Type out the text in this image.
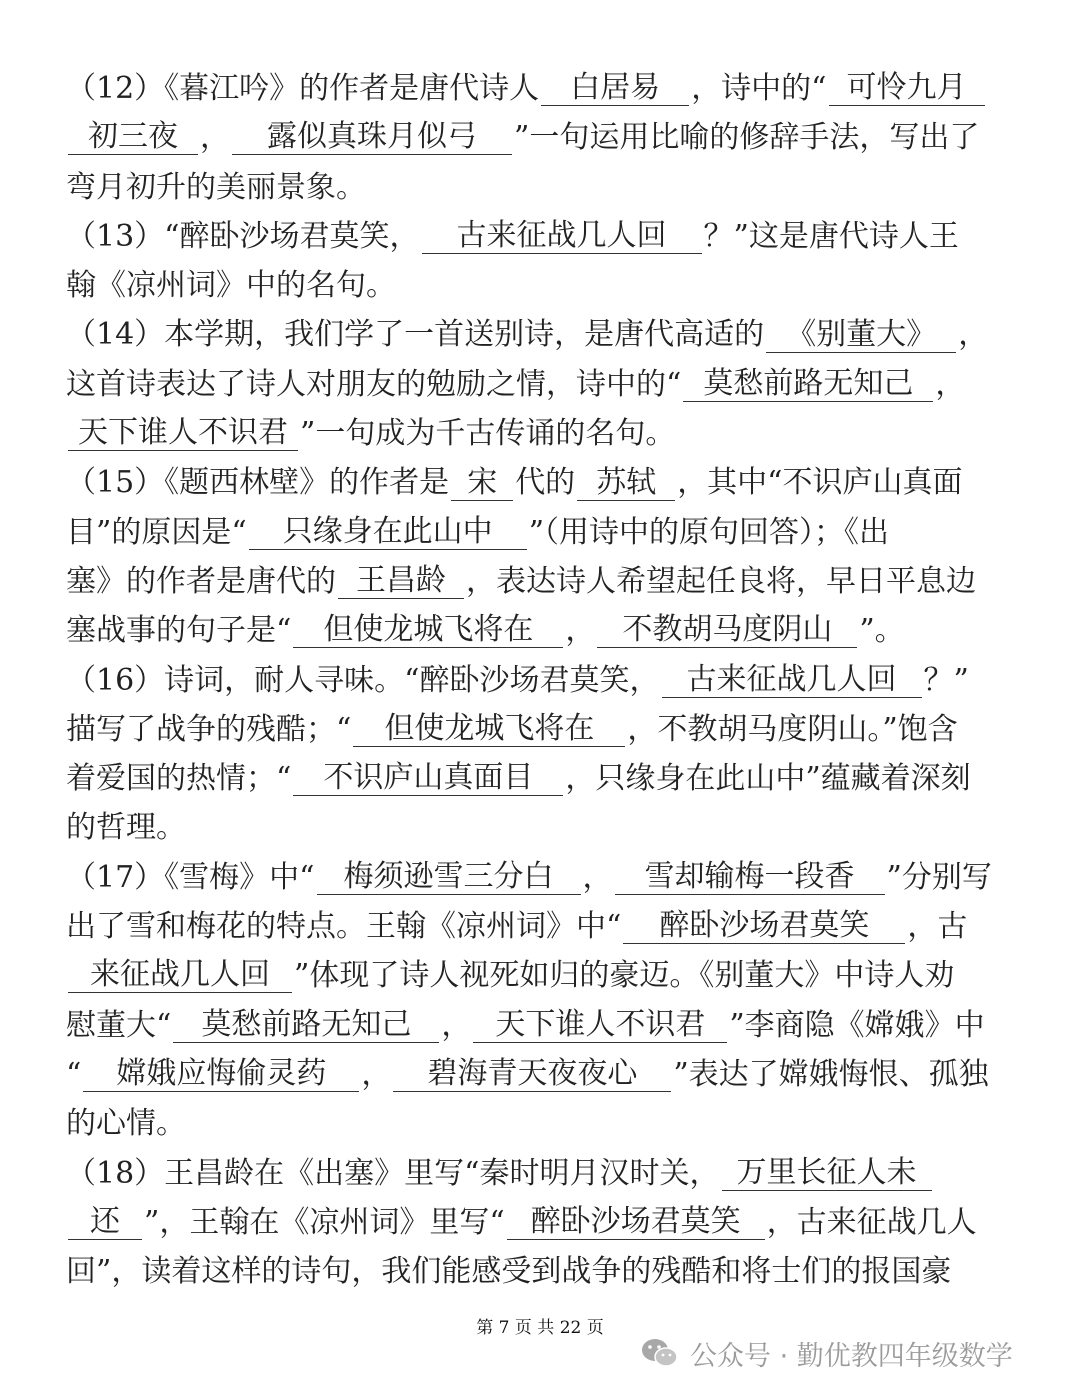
（12）《暮江吟》的作者是唐代诗人	白居易	，诗中的“ 可怜九月
初三夜 ，	露似真珠月似弓	”一句运用比喻的修辞手法，写出了
弯月初升的美丽景象。
（13）“醉卧沙场君莫笑，	古来征战几人回	？”这是唐代诗人王
翰《凉州词》中的名句。
（14）本学期，我们学了一首送别诗，是唐代高适的 《别董大》 ，
这首诗表达了诗人对朋友的勉励之情，诗中的“ 莫愁前路无知己 ，
天下谁人不识君 ”一句成为千古传诵的名句。
（15）《题西林壁》的作者是 宋 代的 苏轼 ，其中“不识庐山真面
目”的原因是“	只缘身在此山中	”（用诗中的原句回答）；《出
塞》的作者是唐代的 王昌龄 ，表达诗人希望起任良将，早日平息边
塞战事的句子是“	但使龙城飞将在	， 不教胡马度阴山 ”。
（16）诗词，耐人寻味。“醉卧沙场君莫笑， 古来征战几人回 ？”
描写了战争的残酷；“	但使龙城飞将在	，不教胡马度阴山。”饱含
着爱国的热情；“	不识庐山真面目	，只缘身在此山中”蕴藏着深刻
的哲理。
（17）《雪梅》中“ 梅须逊雪三分白 ，	雪却输梅一段香	”分别写
出了雪和梅花的特点。王翰《凉州词》中“	醉卧沙场君莫笑	，古
来征战几人回 ”体现了诗人视死如归的豪迈。《别董大》中诗人劝
慰董大“	莫愁前路无知己	， 天下谁人不识君 ”李商隐《嫦娥》中
“	嫦娥应悔偷灵药	，	碧海青天夜夜心	”表达了嫦娥悔恨、孤独
的心情。
（18）王昌龄在《出塞》里写“秦时明月汉时关， 万里长征人未
还 ”，王翰在《凉州词》里写“ 醉卧沙场君莫笑 ，古来征战几人
回”，读着这样的诗句，我们能感受到战争的残酷和将士们的报国豪
第 7 页 共 22 页
公众号 · 勤优教四年级数学
